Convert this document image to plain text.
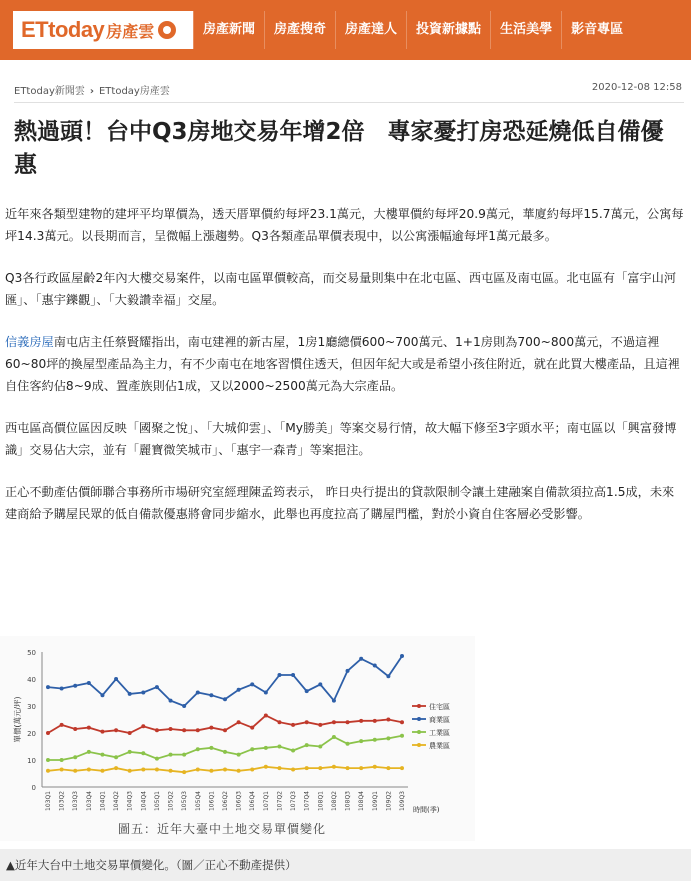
ETtoday 房產雲	房產新聞	房產搜奇	房產達人	投資新據點	生活美學	影音專區
ETtoday新聞雲 › ETtoday房產雲	2020-12-08 12:58
熱過頭！台中Q3房地交易年增2倍　專家憂打房恐延燒低自備優惠

近年來各類型建物的建坪平均單價為，透天厝單價約每坪23.1萬元，大樓單價約每坪20.9萬元，華廈約每坪15.7萬元，公寓每坪14.3萬元。以長期而言，呈微幅上漲趨勢。Q3各類產品單價表現中，以公寓漲幅逾每坪1萬元最多。

Q3各行政區屋齡2年內大樓交易案件，以南屯區單價較高，而交易量則集中在北屯區、西屯區及南屯區。北屯區有「富宇山河匯」、「惠宇鑠觀」、「大毅讚幸福」交屋。

信義房屋南屯店主任蔡賢耀指出，南屯建裡的新古屋，1房1廳總價600~700萬元、1+1房則為700~800萬元，不過這裡60~80坪的換屋型產品為主力，有不少南屯在地客習慣住透天，但因年紀大或是希望小孩住附近，就在此買大樓產品，且這裡自住客約佔8~9成、置產族則佔1成，又以2000~2500萬元為大宗產品。

西屯區高價位區因反映「國聚之悅」、「大城仰雲」、「My勝美」等案交易行情，故大幅下修至3字頭水平；南屯區以「興富發博識」交易佔大宗，並有「麗寶微笑城市」、「惠宇一森青」等案挹注。

正心不動產估價師聯合事務所市場研究室經理陳孟筠表示， 昨日央行提出的貸款限制令讓土建融案自備款須拉高1.5成，未來建商給予購屋民眾的低自備款優惠將會同步縮水，此舉也再度拉高了購屋門檻，對於小資自住客層必受影響。

0
10
20
30
40
50
103Q1 103Q2 103Q3 103Q4 104Q1 104Q2 104Q3 104Q4 105Q1 105Q2 105Q3 105Q4 106Q1 106Q2 106Q3 106Q4 107Q1 107Q2 107Q3 107Q4 108Q1 108Q2 108Q3 108Q4 109Q1 109Q2 109Q3
單價(萬元/坪)
時間(季)
住宅區
商業區
工業區
農業區
圖五：近年大臺中土地交易單價變化
▲近年大台中土地交易單價變化。（圖／正心不動產提供）
